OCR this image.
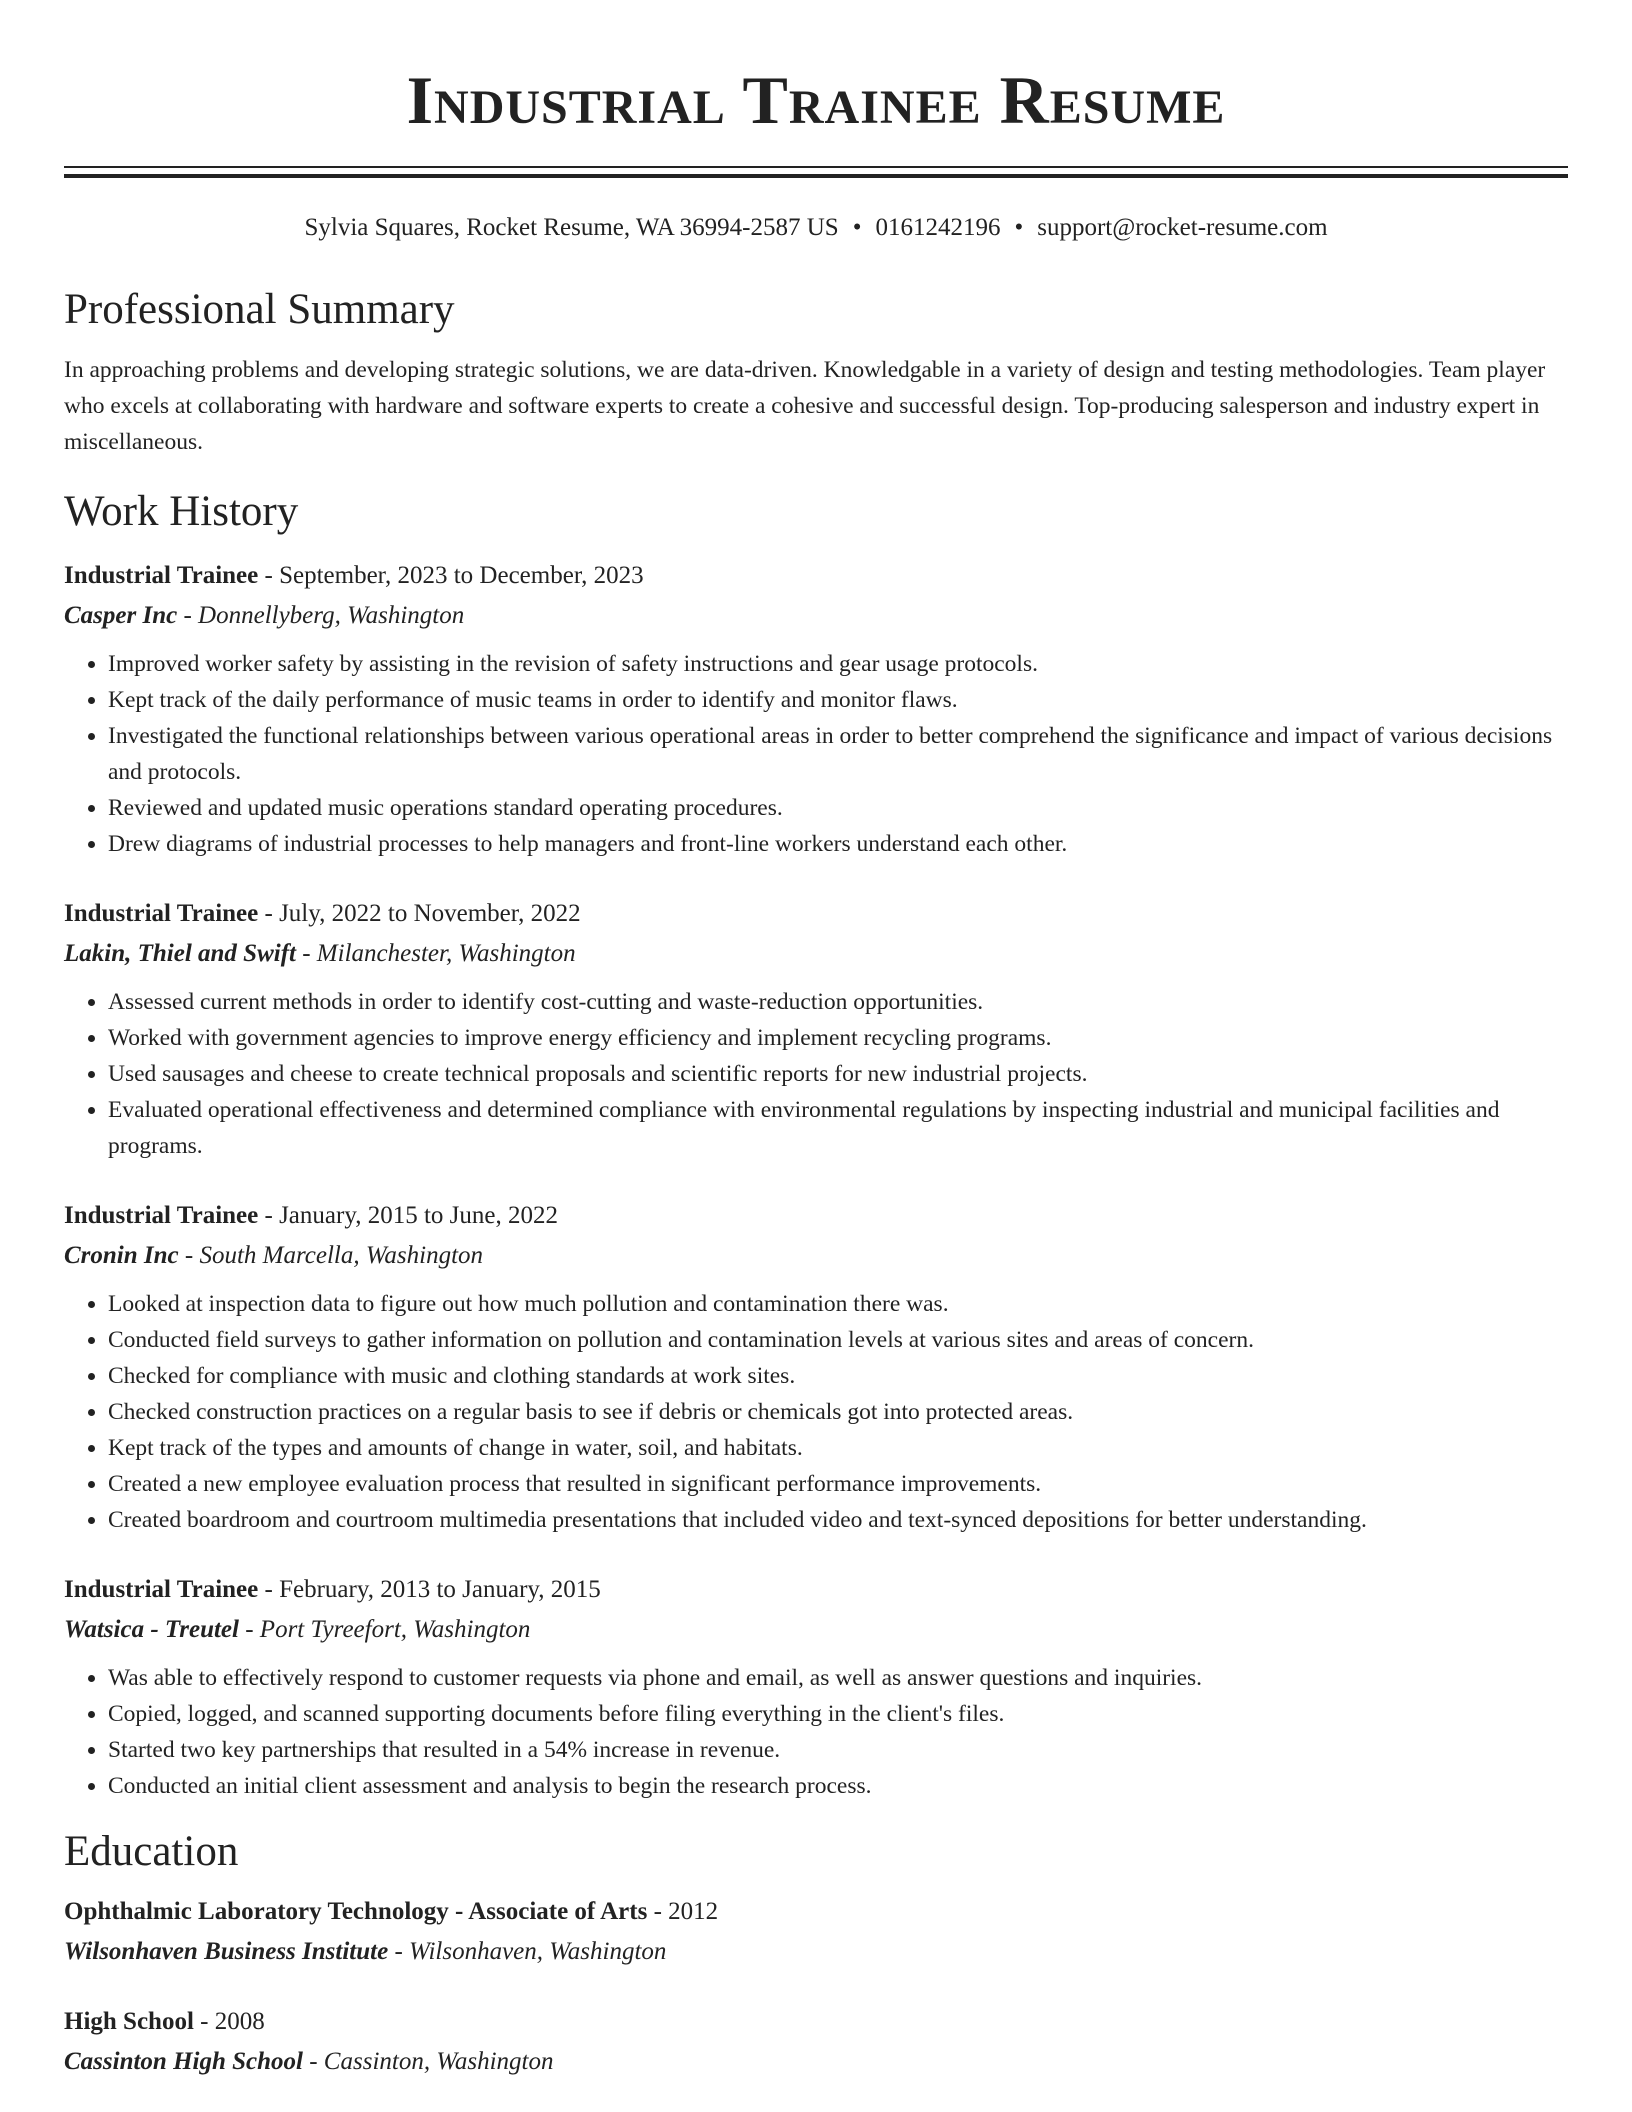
Industrial Trainee Resume
Sylvia Squares, Rocket Resume, WA 36994-2587 US • 0161242196 • support@rocket-resume.com
Professional Summary

In approaching problems and developing strategic solutions, we are data-driven. Knowledgable in a variety of design and testing methodologies. Team player who excels at collaborating with hardware and software experts to create a cohesive and successful design. Top-producing salesperson and industry expert in miscellaneous.

Work History
Industrial Trainee - September, 2023 to December, 2023
Casper Inc - Donnellyberg, Washington
• Improved worker safety by assisting in the revision of safety instructions and gear usage protocols.
• Kept track of the daily performance of music teams in order to identify and monitor flaws.
• Investigated the functional relationships between various operational areas in order to better comprehend the significance and impact of various decisions and protocols.
• Reviewed and updated music operations standard operating procedures.
• Drew diagrams of industrial processes to help managers and front-line workers understand each other.
Industrial Trainee - July, 2022 to November, 2022
Lakin, Thiel and Swift - Milanchester, Washington
• Assessed current methods in order to identify cost-cutting and waste-reduction opportunities.
• Worked with government agencies to improve energy efficiency and implement recycling programs.
• Used sausages and cheese to create technical proposals and scientific reports for new industrial projects.
• Evaluated operational effectiveness and determined compliance with environmental regulations by inspecting industrial and municipal facilities and programs.
Industrial Trainee - January, 2015 to June, 2022
Cronin Inc - South Marcella, Washington
• Looked at inspection data to figure out how much pollution and contamination there was.
• Conducted field surveys to gather information on pollution and contamination levels at various sites and areas of concern.
• Checked for compliance with music and clothing standards at work sites.
• Checked construction practices on a regular basis to see if debris or chemicals got into protected areas.
• Kept track of the types and amounts of change in water, soil, and habitats.
• Created a new employee evaluation process that resulted in significant performance improvements.
• Created boardroom and courtroom multimedia presentations that included video and text-synced depositions for better understanding.
Industrial Trainee - February, 2013 to January, 2015
Watsica - Treutel - Port Tyreefort, Washington
• Was able to effectively respond to customer requests via phone and email, as well as answer questions and inquiries.
• Copied, logged, and scanned supporting documents before filing everything in the client's files.
• Started two key partnerships that resulted in a 54% increase in revenue.
• Conducted an initial client assessment and analysis to begin the research process.
Education
Ophthalmic Laboratory Technology - Associate of Arts - 2012
Wilsonhaven Business Institute - Wilsonhaven, Washington
High School - 2008
Cassinton High School - Cassinton, Washington
